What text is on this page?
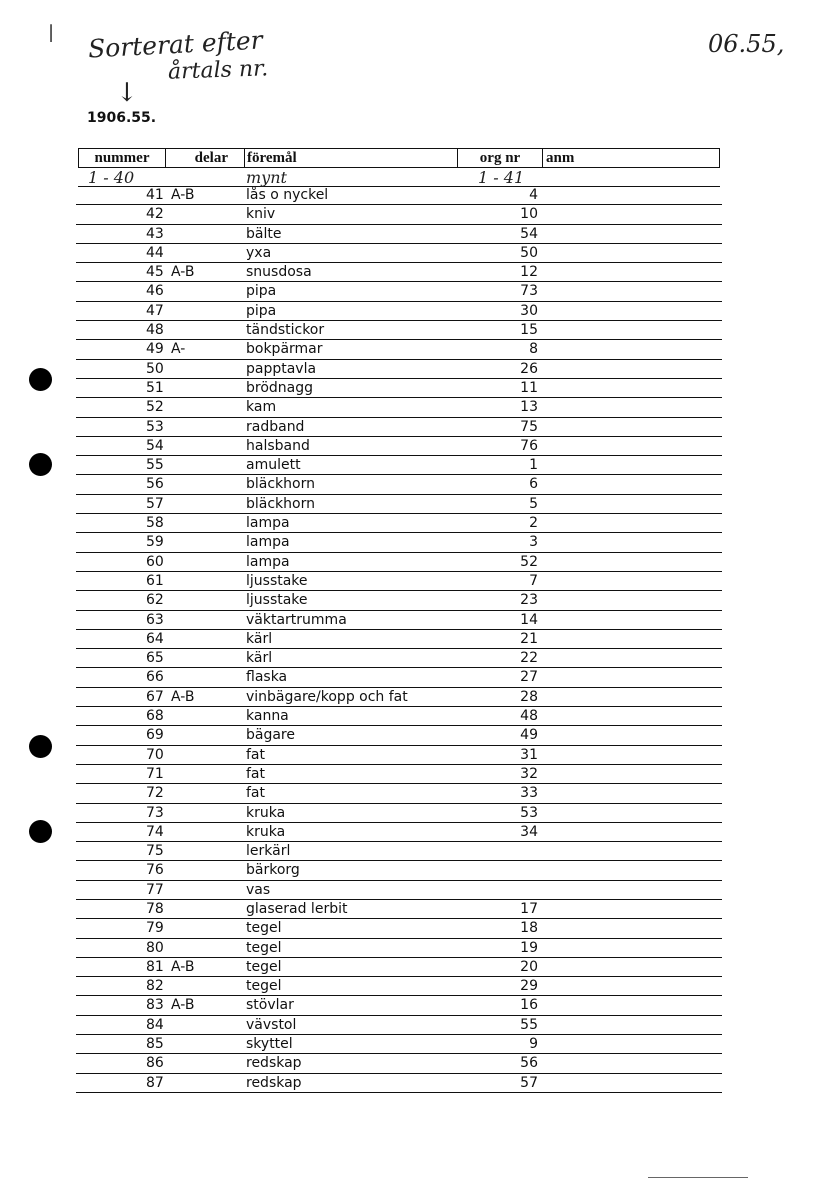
| Sorterat efter
årtals nr.
↓
06.55,
1906.55.
nummer	delar	föremål	org nr	anm
1 - 40	mynt	1 - 41
41 A-B	lås o nyckel	4
42	kniv	10
43	bälte	54
44	yxa	50
45 A-B	snusdosa	12
46	pipa	73
47	pipa	30
48	tändstickor	15
49 A-	bokpärmar	8
50	papptavla	26
51	brödnagg	11
52	kam	13
53	radband	75
54	halsband	76
55	amulett	1
56	bläckhorn	6
57	bläckhorn	5
58	lampa	2
59	lampa	3
60	lampa	52
61	ljusstake	7
62	ljusstake	23
63	väktartrumma	14
64	kärl	21
65	kärl	22
66	flaska	27
67 A-B	vinbägare/kopp och fat	28
68	kanna	48
69	bägare	49
70	fat	31
71	fat	32
72	fat	33
73	kruka	53
74	kruka	34
75	lerkärl
76	bärkorg
77	vas
78	glaserad lerbit	17
79	tegel	18
80	tegel	19
81 A-B	tegel	20
82	tegel	29
83 A-B	stövlar	16
84	vävstol	55
85	skyttel	9
86	redskap	56
87	redskap	57
